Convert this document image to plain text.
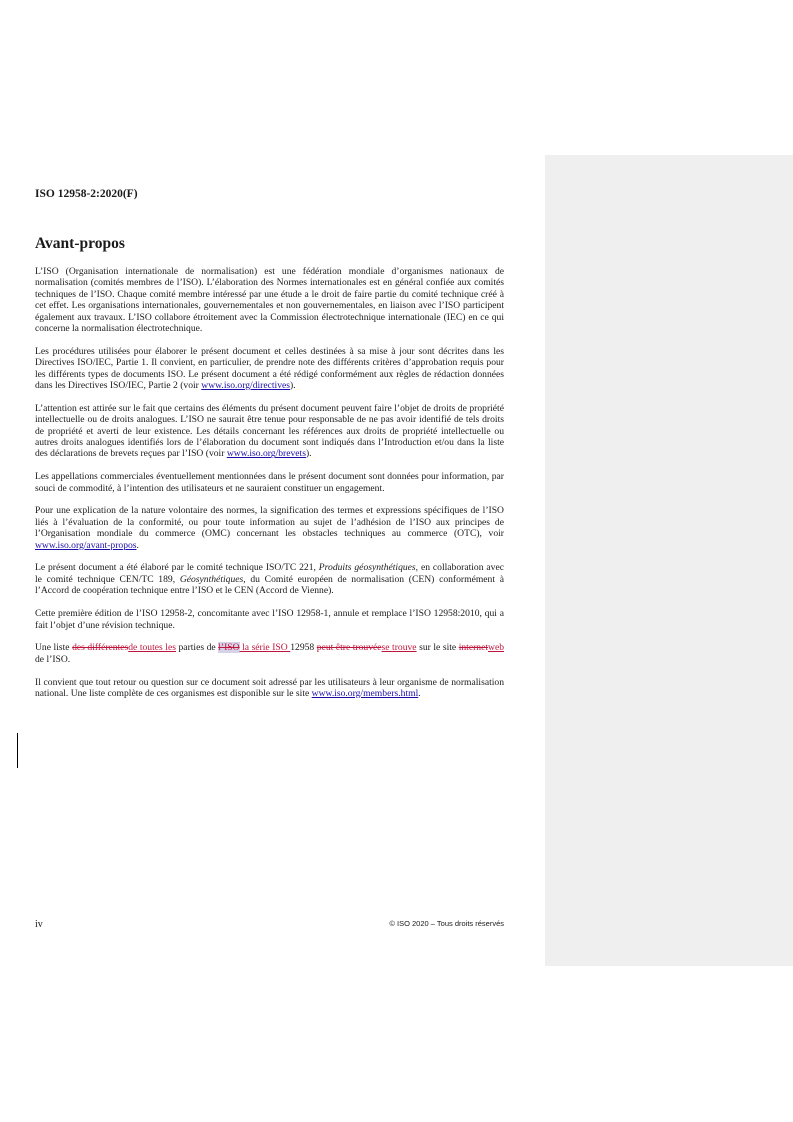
ISO 12958-2:2020(F)
Avant-propos

L’ISO (Organisation internationale de normalisation) est une fédération mondiale d’organismes nationaux de normalisation (comités membres de l’ISO). L’élaboration des Normes internationales est en général confiée aux comités techniques de l’ISO. Chaque comité membre intéressé par une étude a le droit de faire partie du comité technique créé à cet effet. Les organisations internationales, gouvernementales et non gouvernementales, en liaison avec l’ISO participent également aux travaux. L’ISO collabore étroitement avec la Commission électrotechnique internationale (IEC) en ce qui concerne la normalisation électrotechnique.

Les procédures utilisées pour élaborer le présent document et celles destinées à sa mise à jour sont décrites dans les Directives ISO/IEC, Partie 1. Il convient, en particulier, de prendre note des différents critères d’approbation requis pour les différents types de documents ISO. Le présent document a été rédigé conformément aux règles de rédaction données dans les Directives ISO/IEC, Partie 2 (voir www.iso.org/directives).

L’attention est attirée sur le fait que certains des éléments du présent document peuvent faire l’objet de droits de propriété intellectuelle ou de droits analogues. L’ISO ne saurait être tenue pour responsable de ne pas avoir identifié de tels droits de propriété et averti de leur existence. Les détails concernant les références aux droits de propriété intellectuelle ou autres droits analogues identifiés lors de l’élaboration du document sont indiqués dans l’Introduction et/ou dans la liste des déclarations de brevets reçues par l’ISO (voir www.iso.org/brevets).

Les appellations commerciales éventuellement mentionnées dans le présent document sont données pour information, par souci de commodité, à l’intention des utilisateurs et ne sauraient constituer un engagement.

Pour une explication de la nature volontaire des normes, la signification des termes et expressions spécifiques de l’ISO liés à l’évaluation de la conformité, ou pour toute information au sujet de l’adhésion de l’ISO aux principes de l’Organisation mondiale du commerce (OMC) concernant les obstacles techniques au commerce (OTC), voir www.iso.org/avant-propos.

Le présent document a été élaboré par le comité technique ISO/TC 221, Produits géosynthétiques, en collaboration avec le comité technique CEN/TC 189, Géosynthétiques, du Comité européen de normalisation (CEN) conformément à l’Accord de coopération technique entre l’ISO et le CEN (Accord de Vienne).

Cette première édition de l’ISO 12958-2, concomitante avec l’ISO 12958-1, annule et remplace l’ISO 12958:2010, qui a fait l’objet d’une révision technique.

Une liste des différentesde toutes les parties de l’ISO la série ISO 12958 peut être trouvéese trouve sur le site internetweb de l’ISO.

Il convient que tout retour ou question sur ce document soit adressé par les utilisateurs à leur organisme de normalisation national. Une liste complète de ces organismes est disponible sur le site www.iso.org/members.html.

iv	© ISO 2020 – Tous droits réservés
